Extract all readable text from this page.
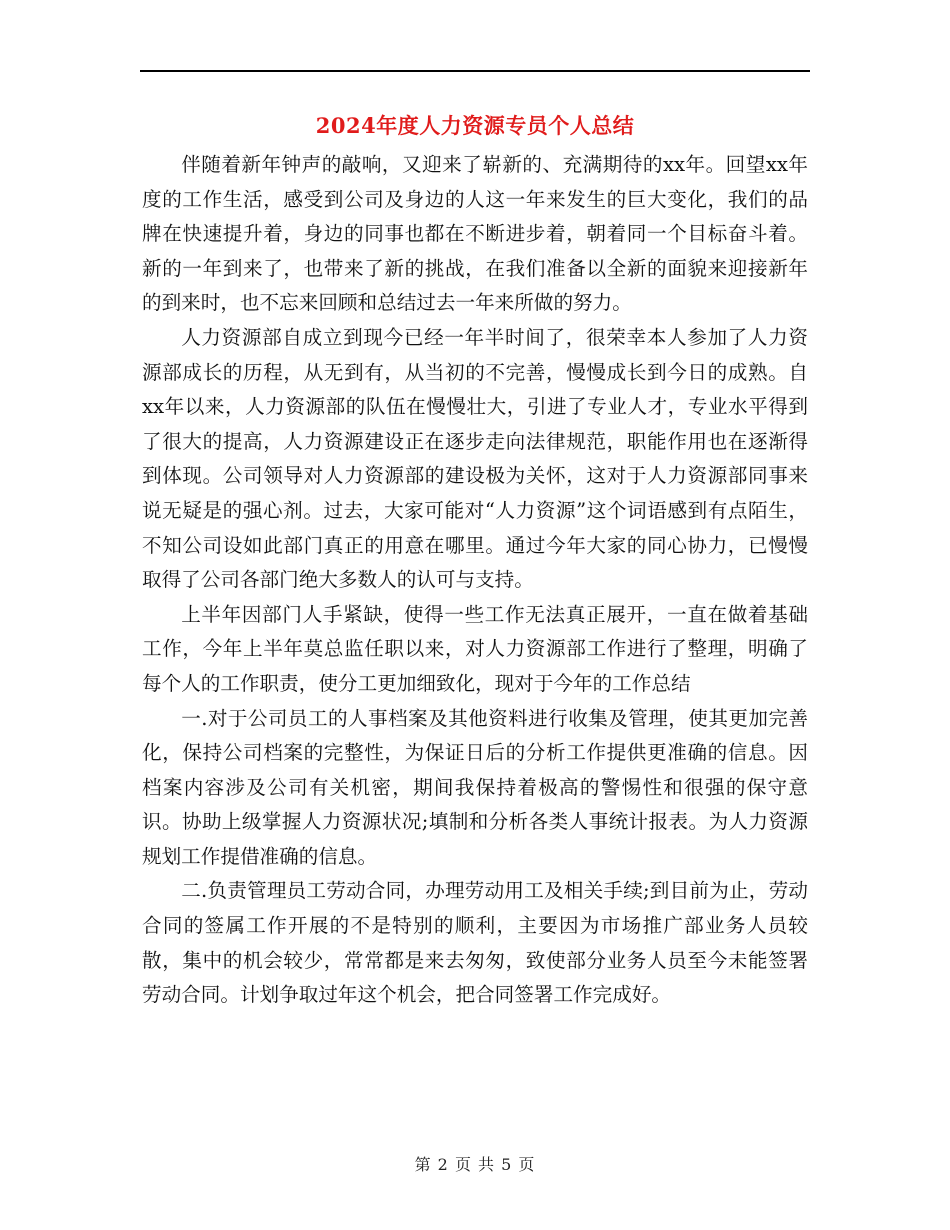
2024年度人力资源专员个人总结

伴随着新年钟声的敲响，又迎来了崭新的、充满期待的xx年。回望xx年度的工作生活，感受到公司及身边的人这一年来发生的巨大变化，我们的品牌在快速提升着，身边的同事也都在不断进步着，朝着同一个目标奋斗着。新的一年到来了，也带来了新的挑战，在我们准备以全新的面貌来迎接新年的到来时，也不忘来回顾和总结过去一年来所做的努力。

人力资源部自成立到现今已经一年半时间了，很荣幸本人参加了人力资源部成长的历程，从无到有，从当初的不完善，慢慢成长到今日的成熟。自xx年以来，人力资源部的队伍在慢慢壮大，引进了专业人才，专业水平得到了很大的提高，人力资源建设正在逐步走向法律规范，职能作用也在逐渐得到体现。公司领导对人力资源部的建设极为关怀，这对于人力资源部同事来说无疑是的强心剂。过去，大家可能对“人力资源”这个词语感到有点陌生，不知公司设如此部门真正的用意在哪里。通过今年大家的同心协力，已慢慢取得了公司各部门绝大多数人的认可与支持。

上半年因部门人手紧缺，使得一些工作无法真正展开，一直在做着基础工作，今年上半年莫总监任职以来，对人力资源部工作进行了整理，明确了每个人的工作职责，使分工更加细致化，现对于今年的工作总结

一.对于公司员工的人事档案及其他资料进行收集及管理，使其更加完善化，保持公司档案的完整性，为保证日后的分析工作提供更准确的信息。因档案内容涉及公司有关机密，期间我保持着极高的警惕性和很强的保守意识。协助上级掌握人力资源状况;填制和分析各类人事统计报表。为人力资源规划工作提借准确的信息。

二.负责管理员工劳动合同，办理劳动用工及相关手续;到目前为止，劳动合同的签属工作开展的不是特别的顺利，主要因为市场推广部业务人员较散，集中的机会较少，常常都是来去匆匆，致使部分业务人员至今未能签署劳动合同。计划争取过年这个机会，把合同签署工作完成好。

第 2 页 共 5 页
